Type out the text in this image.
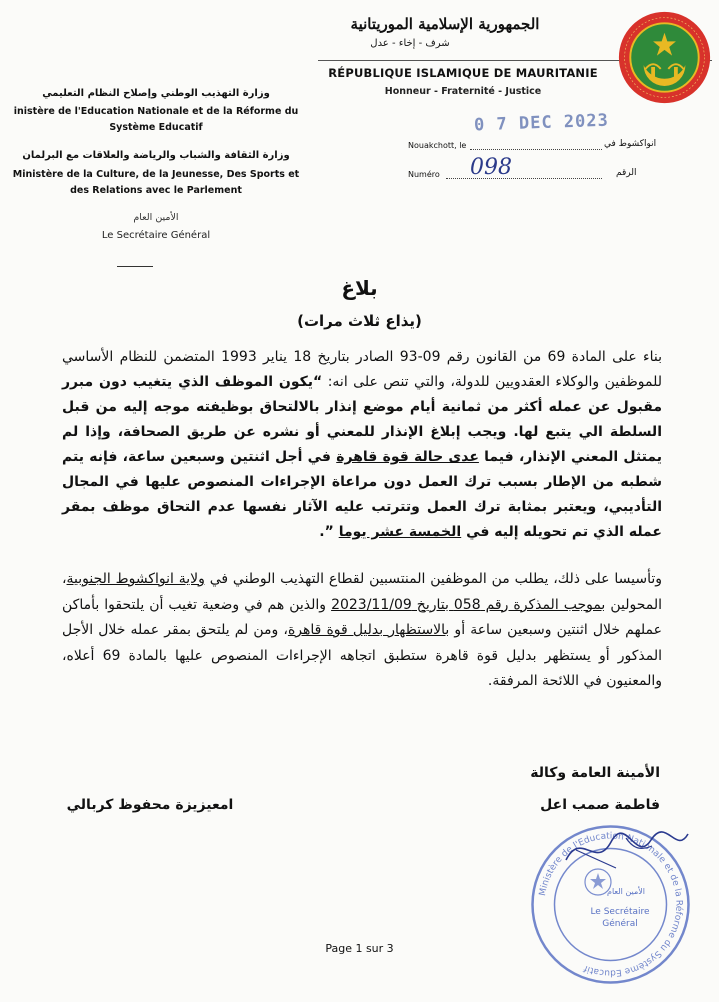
الجمهورية الإسلامية الموريتانية
شرف - إخاء - عدل
RÉPUBLIQUE ISLAMIQUE DE MAURITANIE
Honneur - Fraternité - Justice
وزارة التهذيب الوطني وإصلاح النظام التعليمي
inistère de l'Education Nationale et de la Réforme du Système Educatif
وزارة الثقافة والشباب والرياضة والعلاقات مع البرلمان
Ministère de la Culture, de la Jeunesse, Des Sports et des Relations avec le Parlement
الأمين العام
Le Secrétaire Général
Nouakchott, le
0 7 DEC 2023
انواكشوط في
Numéro 098	الرقم
بلاغ
(يذاع ثلاث مرات)
بناء على المادة 69 من القانون رقم 09-93 الصادر بتاريخ 18 يناير 1993 المتضمن للنظام الأساسي للموظفين والوكلاء العقدويين للدولة، والتي تنص على انه: “يكون الموظف الذي يتغيب دون مبرر مقبول عن عمله أكثر من ثمانية أيام موضع إنذار بالالتحاق بوظيفته موجه إليه من قبل السلطة الي يتبع لها. ويجب إبلاغ الإنذار للمعني أو نشره عن طريق الصحافة، وإذا لم يمتثل المعني الإنذار، فيما عدى حالة قوة قاهرة في أجل اثنتين وسبعين ساعة، فإنه يتم شطبه من الإطار بسبب ترك العمل دون مراعاة الإجراءات المنصوص عليها في المجال التأديبي، ويعتبر بمثابة ترك العمل وتترتب عليه الآثار نفسها عدم التحاق موظف بمقر عمله الذي تم تحويله إليه في الخمسة عشر يوما ”.
وتأسيسا على ذلك، يطلب من الموظفين المنتسبين لقطاع التهذيب الوطني في ولاية انواكشوط الجنوبية، المحولين بموجب المذكرة رقم 058 بتاريخ 2023/11/09 والذين هم في وضعية تغيب أن يلتحقوا بأماكن عملهم خلال اثنتين وسبعين ساعة أو بالاستظهار بدليل قوة قاهرة، ومن لم يلتحق بمقر عمله خلال الأجل المذكور أو يستظهر بدليل قوة قاهرة ستطبق اتجاهه الإجراءات المنصوص عليها بالمادة 69 أعلاه، والمعنيون في اللائحة المرفقة.
الأمينة العامة وكالة
فاطمة صمب اعل
امعيزيزة محفوظ كربالي
Ministère de l'Education Nationale et de la Réforme du Système Educatif
الأمين العام
Le Secrétaire
Général
Page 1 sur 3
